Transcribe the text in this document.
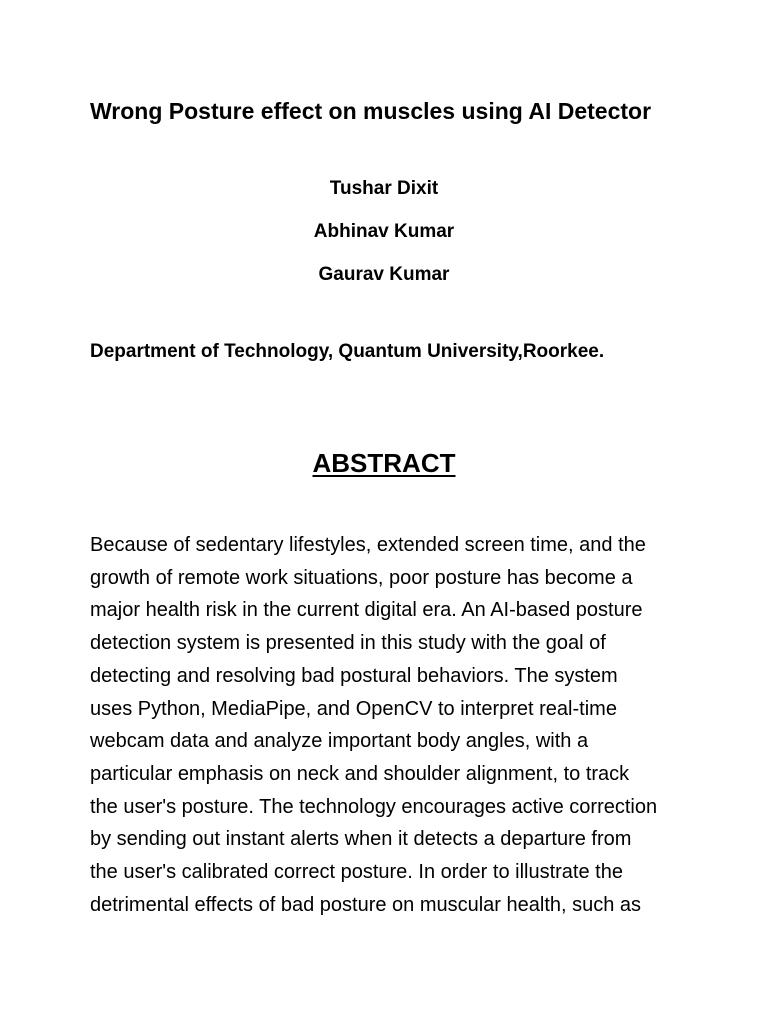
Wrong Posture effect on muscles using AI Detector
Tushar Dixit
Abhinav Kumar
Gaurav Kumar
Department of Technology, Quantum University,Roorkee.
ABSTRACT
Because of sedentary lifestyles, extended screen time, and the
growth of remote work situations, poor posture has become a
major health risk in the current digital era. An AI-based posture
detection system is presented in this study with the goal of
detecting and resolving bad postural behaviors. The system
uses Python, MediaPipe, and OpenCV to interpret real-time
webcam data and analyze important body angles, with a
particular emphasis on neck and shoulder alignment, to track
the user's posture. The technology encourages active correction
by sending out instant alerts when it detects a departure from
the user's calibrated correct posture. In order to illustrate the
detrimental effects of bad posture on muscular health, such as
